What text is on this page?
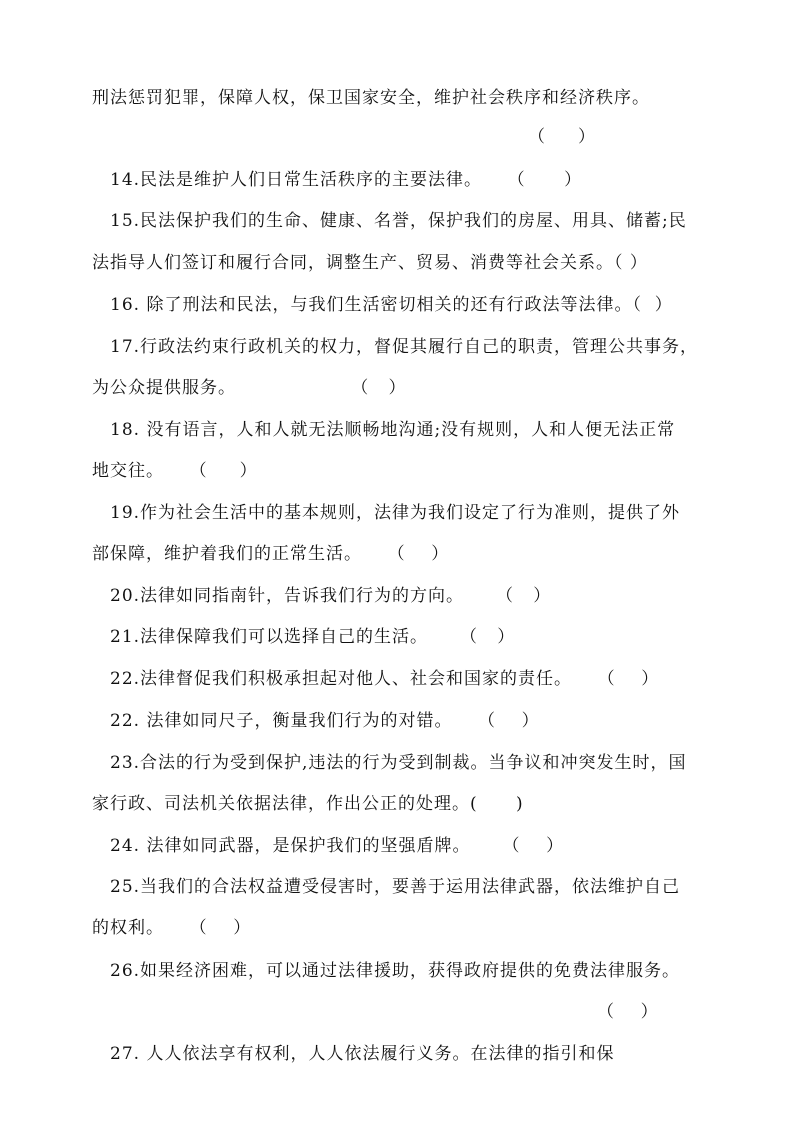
刑法惩罚犯罪，保障人权，保卫国家安全，维护社会秩序和经济秩序。
（     ）
14.民法是维护人们日常生活秩序的主要法律。    （      ）
15.民法保护我们的生命、健康、名誉，保护我们的房屋、用具、储蓄;民
法指导人们签订和履行合同，调整生产、贸易、消费等社会关系。（ ）
16. 除了刑法和民法，与我们生活密切相关的还有行政法等法律。（  ）
17.行政法约束行政机关的权力，督促其履行自己的职责，管理公共事务，
为公众提供服务。                  （   ）
18. 没有语言，人和人就无法顺畅地沟通;没有规则，人和人便无法正常
地交往。    （     ）
19.作为社会生活中的基本规则，法律为我们设定了行为准则，提供了外
部保障，维护着我们的正常生活。    （    ）
20.法律如同指南针，告诉我们行为的方向。     （   ）
21.法律保障我们可以选择自己的生活。     （   ）
22.法律督促我们积极承担起对他人、社会和国家的责任。    （    ）
22. 法律如同尺子，衡量我们行为的对错。    （    ）
23.合法的行为受到保护,违法的行为受到制裁。当争议和冲突发生时，国
家行政、司法机关依据法律，作出公正的处理。(      )
24. 法律如同武器，是保护我们的坚强盾牌。     （    ）
25.当我们的合法权益遭受侵害时，要善于运用法律武器，依法维护自己
的权利。    （    ）
26.如果经济困难，可以通过法律援助，获得政府提供的免费法律服务。
（    ）
27. 人人依法享有权利，人人依法履行义务。在法律的指引和保
